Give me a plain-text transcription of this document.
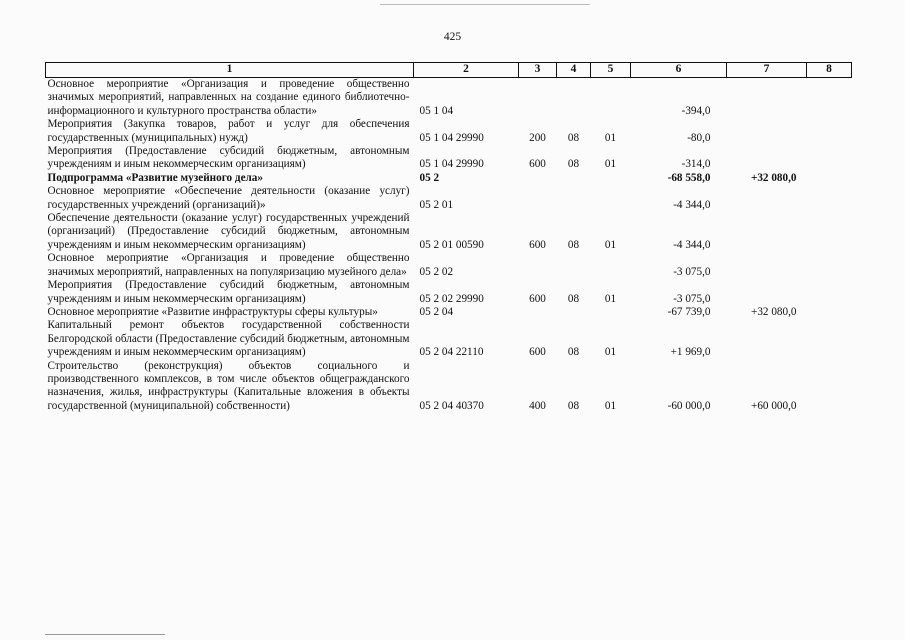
425
1	2	3	4	5	6	7	8
Основное мероприятие «Организация и проведение общественно значимых мероприятий, направленных на создание единого библиотечно-информационного и культурного пространства области»	05 1 04				-394,0		
Мероприятия (Закупка товаров, работ и услуг для обеспечения государственных (муниципальных) нужд)	05 1 04 29990	200	08	01	-80,0		
Мероприятия (Предоставление субсидий бюджетным, автономным учреждениям и иным некоммерческим организациям)	05 1 04 29990	600	08	01	-314,0		
Подпрограмма «Развитие музейного дела»	05 2				-68 558,0	+32 080,0	
Основное мероприятие «Обеспечение деятельности (оказание услуг) государственных учреждений (организаций)»	05 2 01				-4 344,0		
Обеспечение деятельности (оказание услуг) государственных учреждений (организаций) (Предоставление субсидий бюджетным, автономным учреждениям и иным некоммерческим организациям)	05 2 01 00590	600	08	01	-4 344,0		
Основное мероприятие «Организация и проведение общественно значимых мероприятий, направленных на популяризацию музейного дела»	05 2 02				-3 075,0		
Мероприятия (Предоставление субсидий бюджетным, автономным учреждениям и иным некоммерческим организациям)	05 2 02 29990	600	08	01	-3 075,0		
Основное мероприятие «Развитие инфраструктуры сферы культуры»	05 2 04				-67 739,0	+32 080,0	
Капитальный ремонт объектов государственной собственности Белгородской области (Предоставление субсидий бюджетным, автономным учреждениям и иным некоммерческим организациям)	05 2 04 22110	600	08	01	+1 969,0		
Строительство (реконструкция) объектов социального и производственного комплексов, в том числе объектов общегражданского назначения, жилья, инфраструктуры (Капитальные вложения в объекты государственной (муниципальной) собственности)	05 2 04 40370	400	08	01	-60 000,0	+60 000,0	
